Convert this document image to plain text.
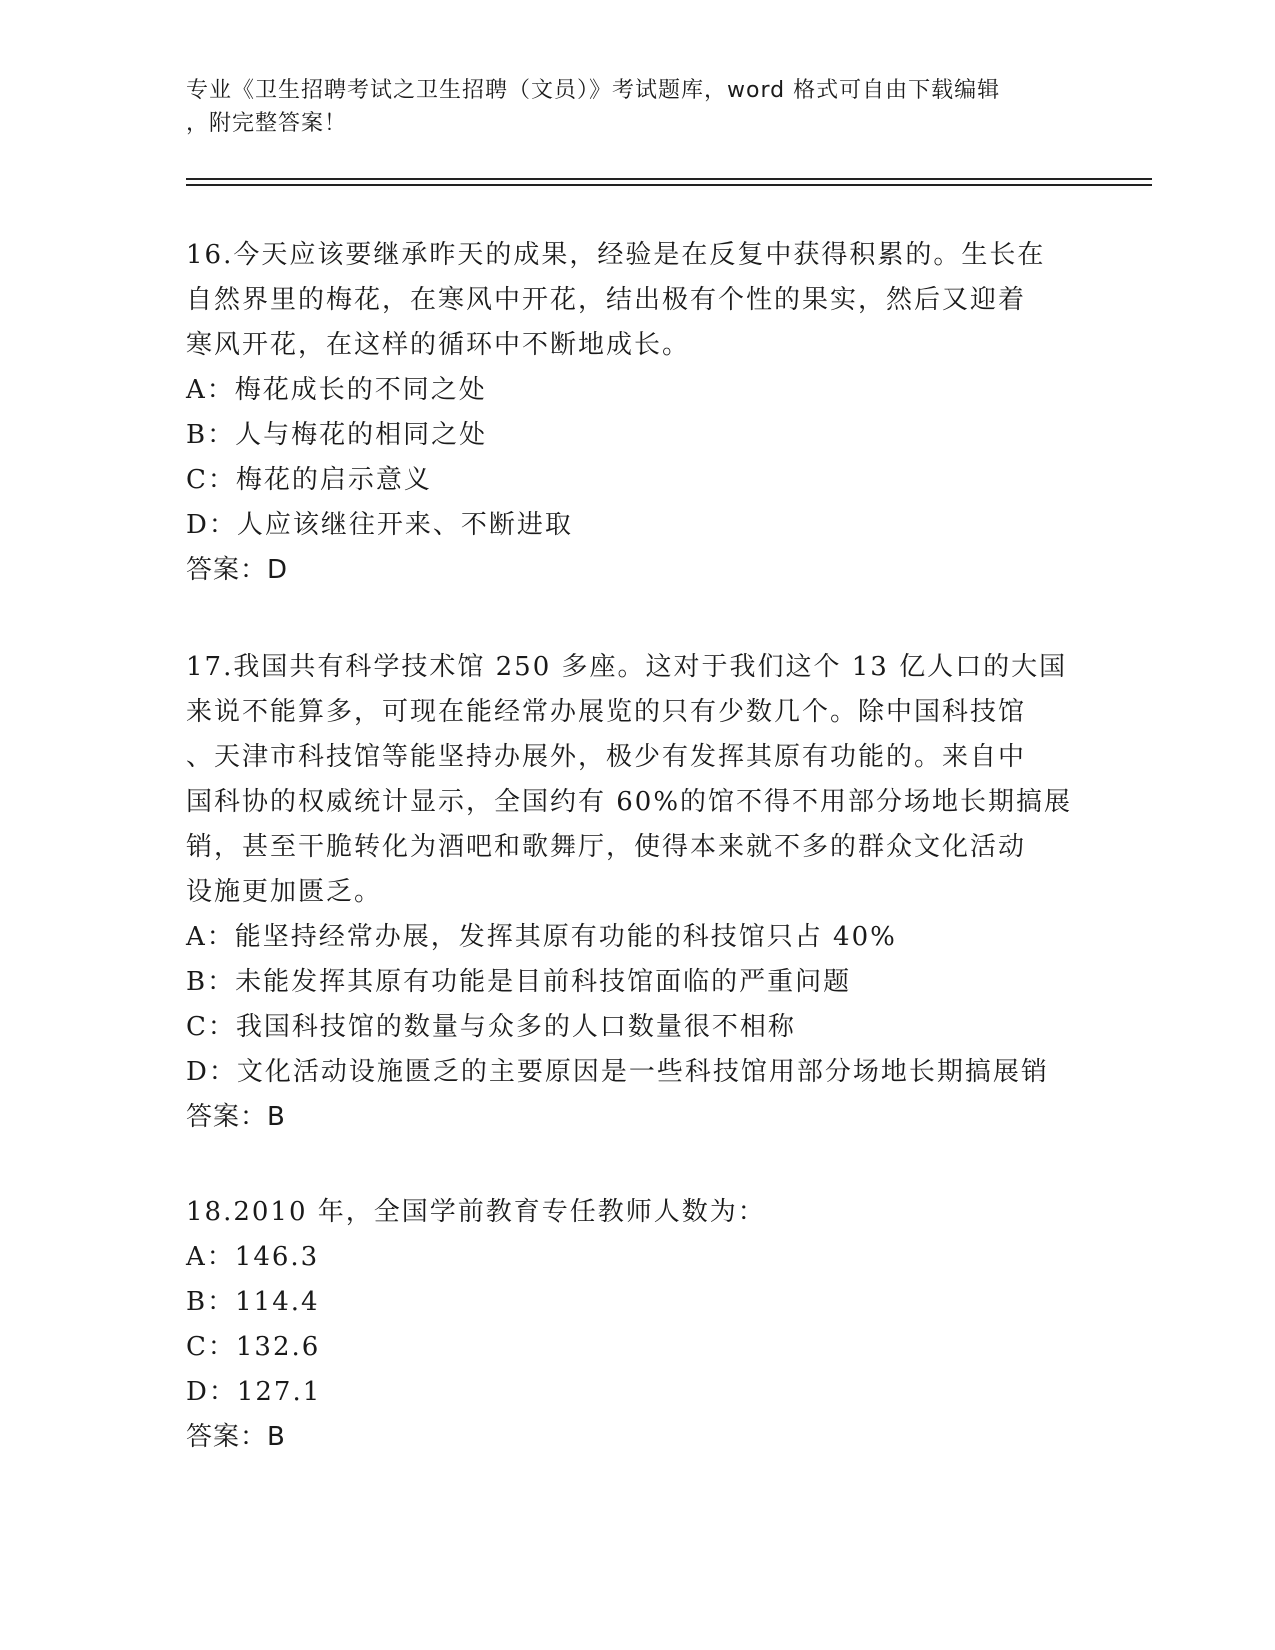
专业《卫生招聘考试之卫生招聘（文员）》考试题库，word 格式可自由下载编辑
，附完整答案！
16.今天应该要继承昨天的成果，经验是在反复中获得积累的。生长在
自然界里的梅花，在寒风中开花，结出极有个性的果实，然后又迎着
寒风开花，在这样的循环中不断地成长。
A：梅花成长的不同之处
B：人与梅花的相同之处
C：梅花的启示意义
D：人应该继往开来、不断进取
答案：D
17.我国共有科学技术馆 250 多座。这对于我们这个 13 亿人口的大国
来说不能算多，可现在能经常办展览的只有少数几个。除中国科技馆
、天津市科技馆等能坚持办展外，极少有发挥其原有功能的。来自中
国科协的权威统计显示，全国约有 60%的馆不得不用部分场地长期搞展
销，甚至干脆转化为酒吧和歌舞厅，使得本来就不多的群众文化活动
设施更加匮乏。
A：能坚持经常办展，发挥其原有功能的科技馆只占 40%
B：未能发挥其原有功能是目前科技馆面临的严重问题
C：我国科技馆的数量与众多的人口数量很不相称
D：文化活动设施匮乏的主要原因是一些科技馆用部分场地长期搞展销
答案：B
18.2010 年，全国学前教育专任教师人数为：
A：146.3
B：114.4
C：132.6
D：127.1
答案：B
